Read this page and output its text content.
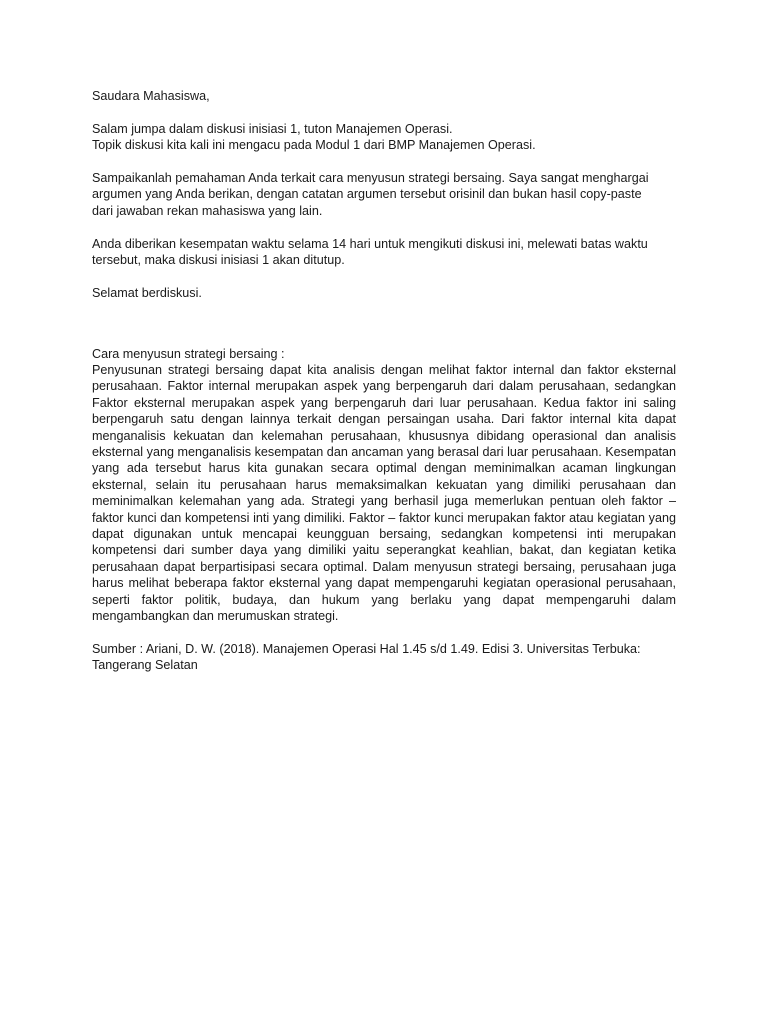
Saudara Mahasiswa,

Salam jumpa dalam diskusi inisiasi 1, tuton Manajemen Operasi.
Topik diskusi kita kali ini mengacu pada Modul 1 dari BMP Manajemen Operasi.

Sampaikanlah pemahaman Anda terkait cara menyusun strategi bersaing. Saya sangat menghargai
argumen yang Anda berikan, dengan catatan argumen tersebut orisinil dan bukan hasil copy-paste
dari jawaban rekan mahasiswa yang lain.

Anda diberikan kesempatan waktu selama 14 hari untuk mengikuti diskusi ini, melewati batas waktu
tersebut, maka diskusi inisiasi 1 akan ditutup.

Selamat berdiskusi.

Cara menyusun strategi bersaing :

Penyusunan strategi bersaing dapat kita analisis dengan melihat faktor internal dan faktor eksternal perusahaan. Faktor internal merupakan aspek yang berpengaruh dari dalam perusahaan, sedangkan Faktor eksternal merupakan aspek yang berpengaruh dari luar perusahaan. Kedua faktor ini saling berpengaruh satu dengan lainnya terkait dengan persaingan usaha. Dari faktor internal kita dapat menganalisis kekuatan dan kelemahan perusahaan, khususnya dibidang operasional dan analisis eksternal yang menganalisis kesempatan dan ancaman yang berasal dari luar perusahaan. Kesempatan yang ada tersebut harus kita gunakan secara optimal dengan meminimalkan acaman lingkungan eksternal, selain itu perusahaan harus memaksimalkan kekuatan yang dimiliki perusahaan dan meminimalkan kelemahan yang ada. Strategi yang berhasil juga memerlukan pentuan oleh faktor – faktor kunci dan kompetensi inti yang dimiliki. Faktor – faktor kunci merupakan faktor atau kegiatan yang dapat digunakan untuk mencapai keungguan bersaing, sedangkan kompetensi inti merupakan kompetensi dari sumber daya yang dimiliki yaitu seperangkat keahlian, bakat, dan kegiatan ketika perusahaan dapat berpartisipasi secara optimal. Dalam menyusun strategi bersaing, perusahaan juga harus melihat beberapa faktor eksternal yang dapat mempengaruhi kegiatan operasional perusahaan, seperti faktor politik, budaya, dan hukum yang berlaku yang dapat mempengaruhi dalam mengambangkan dan merumuskan strategi.

Sumber : Ariani, D. W. (2018). Manajemen Operasi Hal 1.45 s/d 1.49. Edisi 3. Universitas Terbuka:
Tangerang Selatan
